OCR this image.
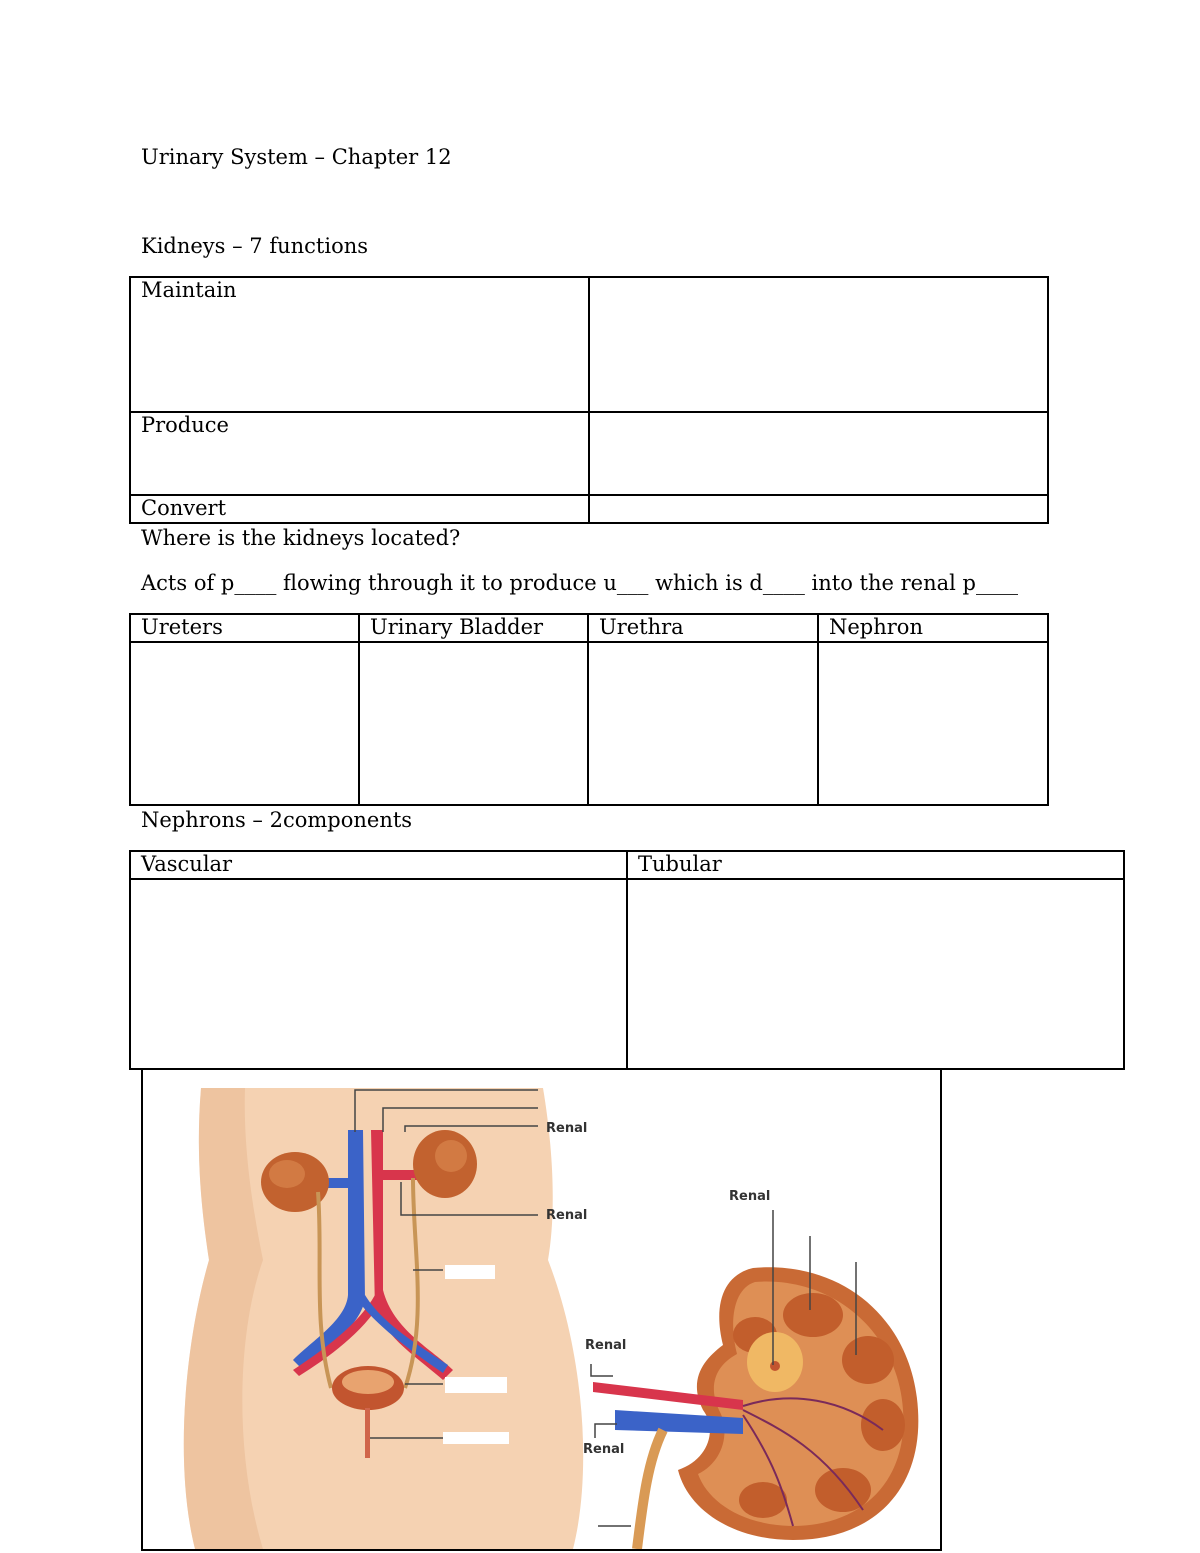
Urinary System – Chapter 12
Kidneys – 7 functions
Maintain	
Produce	
Convert	
Where is the kidneys located?
Acts of p____ flowing through it to produce u___ which is d____ into the renal p____
Ureters	Urinary Bladder	Urethra	Nephron

Nephrons – 2components
Vascular	Tubular

Renal
Renal
Renal
Renal
Renal
